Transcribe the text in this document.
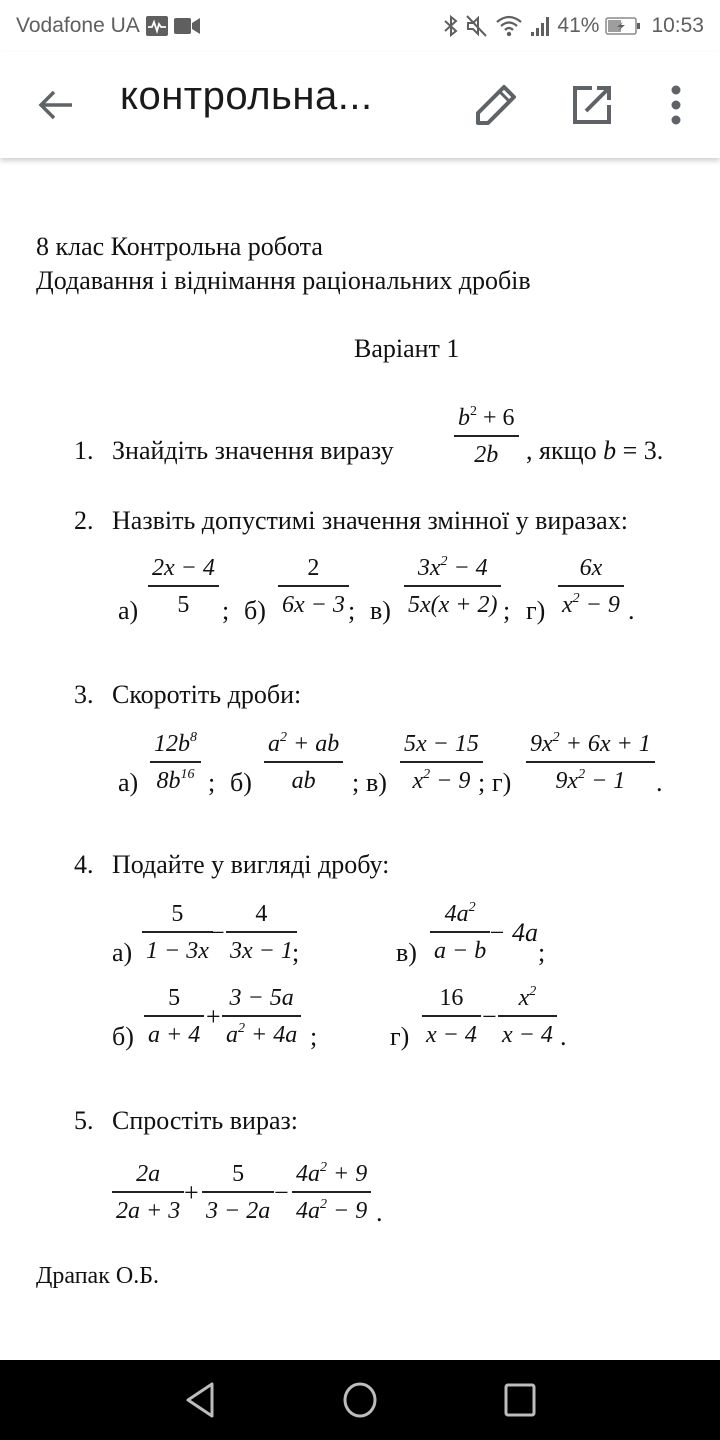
Vodafone UA	41% 10:53
контрольна...
8 клас Контрольна робота
Додавання і віднімання раціональних дробів
Варіант 1
1. Знайдіть значення виразу
$b^2 + 6$
2b , якщо b = 3.
2. Назвіть допустимі значення змінної у виразах:
а)
2x − 4
5 ; б)
2
6x − 3 ; в)
$3x^2 - 4$
5x(x + 2) ; г)
6x
$x^2 - 9$ .
3. Скоротіть дроби:
а)
$12b^8$
$8b^{16}$ ; б)
$a^2$ + ab
ab ; в)
5x − 15
$x^2 - 9$ ; г)
$9x^2 + 6x + 1$
$9x^2 - 1$ .
4. Подайте у вигляді дробу:
а)
5
1 − 3x
−
4
3x − 1 ;	в)
$4a^2$
a − b
− 4a
;
б)
5
a + 4
+
3 − 5a
$a^2 + 4a$ ;	г)
16
x − 4
−
$x^2$
x − 4 .
5. Спростіть вираз:
2a
2a + 3
+
5
3 − 2a
−
$4a^2 + 9$
$4a^2 - 9$ .
Драпак О.Б.
